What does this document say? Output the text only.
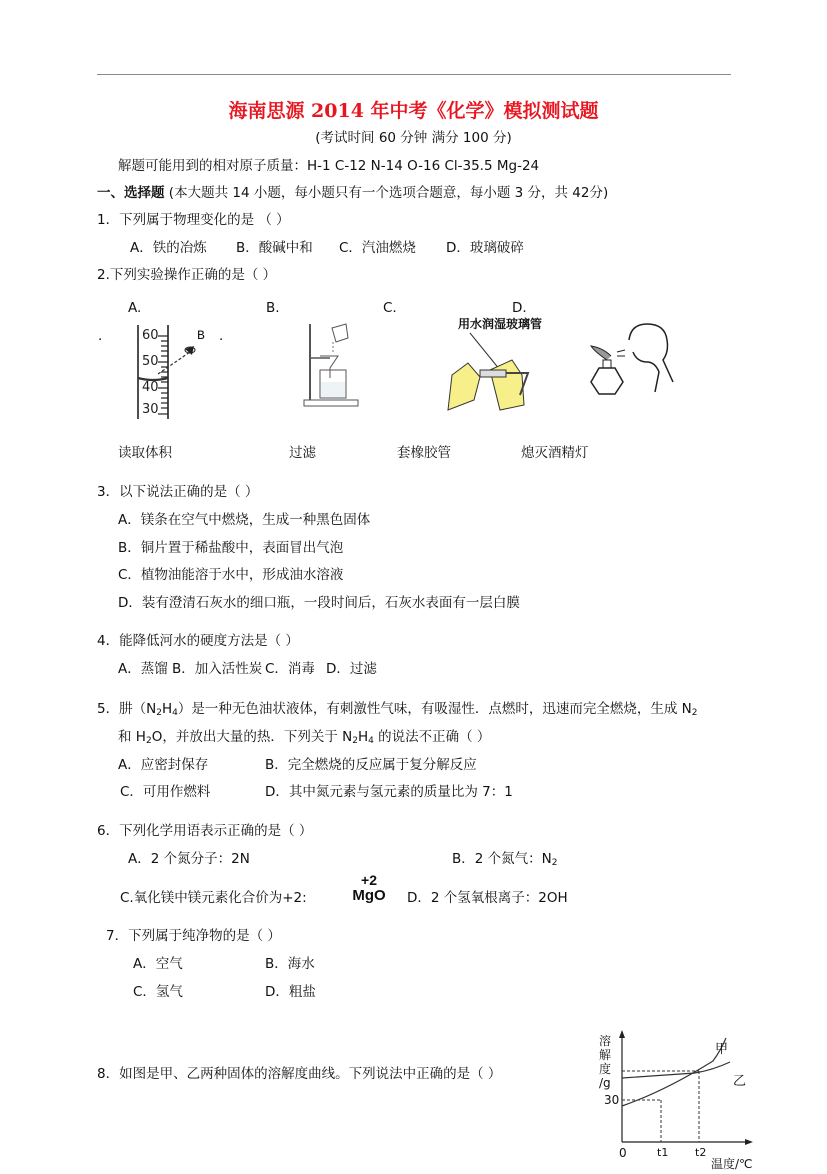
海南思源 2014 年中考《化学》模拟测试题
(考试时间 60 分钟 满分 100 分)
解题可能用到的相对原子质量：H-1 C-12 N-14 O-16 Cl-35.5 Mg-24
一、选择题 (本大题共 14 小题，每小题只有一个选项合题意，每小题 3 分，共 42分)
1．下列属于物理变化的是 （ ）
A．铁的冶炼 B．酸碱中和 C．汽油燃烧 D．玻璃破碎
2.下列实验操作正确的是（ ）
A.	B.	C.	D.
.	.
60
50
40
30
B
用水润湿玻璃管
读取体积	过滤	套橡胶管	熄灭酒精灯
3．以下说法正确的是（ ）
A．镁条在空气中燃烧，生成一种黑色固体
B．铜片置于稀盐酸中，表面冒出气泡
C．植物油能溶于水中，形成油水溶液
D．装有澄清石灰水的细口瓶，一段时间后，石灰水表面有一层白膜
4．能降低河水的硬度方法是（ ）
A．蒸馏 B．加入活性炭 C．消毒 D．过滤
5．肼$(N_2H_4)$是一种无色油状液体，有刺激性气味，有吸湿性．点燃时，迅速而完全燃烧，生成 $N_2$
和 $H_2O$，并放出大量的热．下列关于 $N_2H_4$ 的说法不正确（ ）
A．应密封保存	B．完全燃烧的反应属于复分解反应
C．可用作燃料	D．其中氮元素与氢元素的质量比为 7：1
6．下列化学用语表示正确的是（ ）
A．2 个氮分子：2N	B．2 个氮气：$N_2$
C.氧化镁中镁元素化合价为+2:
+2
MgO D．2 个氢氧根离子：2OH
7．下列属于纯净物的是（ ）
A．空气	B．海水
C．氢气	D．粗盐
8．如图是甲、乙两种固体的溶解度曲线。下列说法中正确的是（ ）
溶
解
度
/g
30
0	t1 t2
温度/℃
甲
乙
